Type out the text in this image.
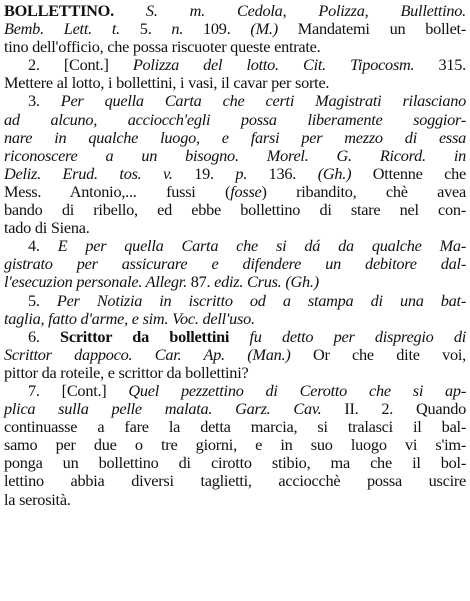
BOLLETTINO. S. m. Cedola, Polizza, Bullettino.
Bemb. Lett. t. 5. n. 109. (M.) Mandatemi un bollet-
tino dell'officio, che possa riscuoter queste entrate.
2. [Cont.] Polizza del lotto. Cit. Tipocosm. 315.
Mettere al lotto, i bollettini, i vasi, il cavar per sorte.
3. Per quella Carta che certi Magistrati rilasciano
ad alcuno, acciocch'egli possa liberamente soggior-
nare in qualche luogo, e farsi per mezzo di essa
riconoscere a un bisogno. Morel. G. Ricord. in
Deliz. Erud. tos. v. 19. p. 136. (Gh.) Ottenne che
Mess. Antonio,... fussi (fosse) ribandito, chè avea
bando di ribello, ed ebbe bollettino di stare nel con-
tado di Siena.
4. E per quella Carta che si dá da qualche Ma-
gistrato per assicurare e difendere un debitore dal-
l'esecuzion personale. Allegr. 87. ediz. Crus. (Gh.)
5. Per Notizia in iscritto od a stampa di una bat-
taglia, fatto d'arme, e sim. Voc. dell'uso.
6. Scrittor da bollettini fu detto per dispregio di
Scrittor dappoco. Car. Ap. (Man.) Or che dite voi,
pittor da roteile, e scrittor da bollettini?
7. [Cont.] Quel pezzettino di Cerotto che si ap-
plica sulla pelle malata. Garz. Cav. II. 2. Quando
continuasse a fare la detta marcia, si tralasci il bal-
samo per due o tre giorni, e in suo luogo vi s'im-
ponga un bollettino di cirotto stibio, ma che il bol-
lettino abbia diversi taglietti, acciocchè possa uscire
la serosità.
